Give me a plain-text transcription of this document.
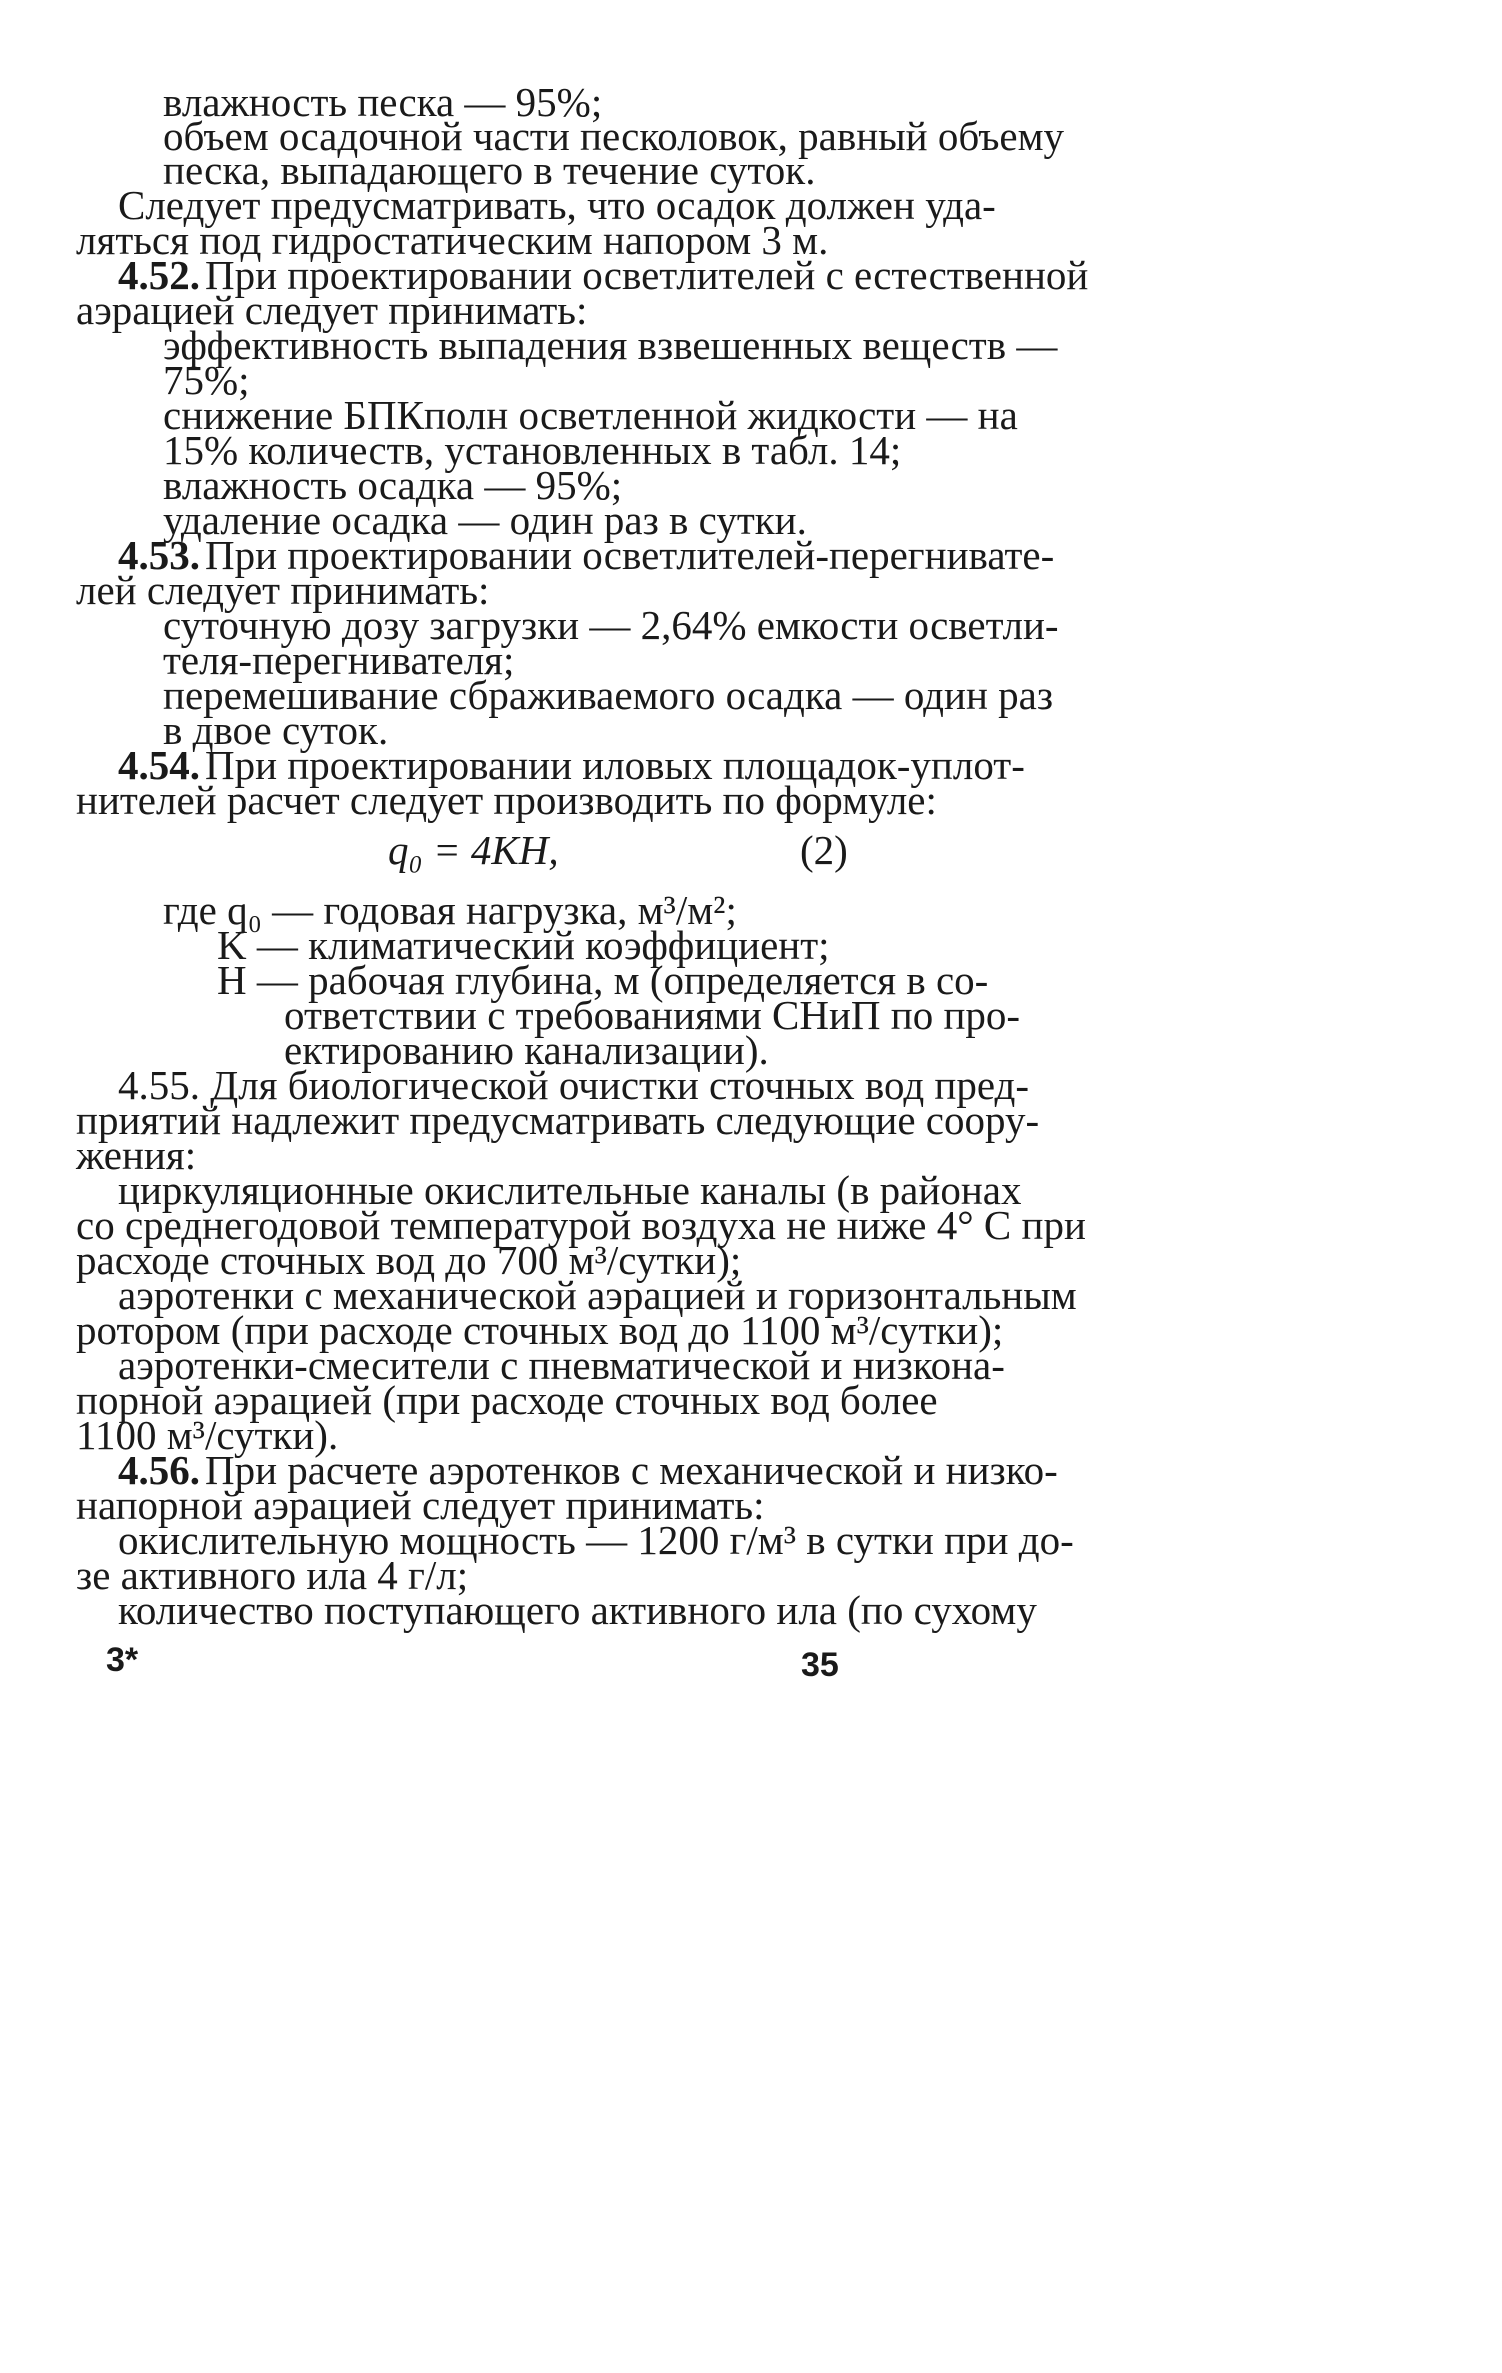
влажность песка — 95%;
объем осадочной части песколовок, равный объему
песка, выпадающего в течение суток.
Следует предусматривать, что осадок должен уда-
ляться под гидростатическим напором 3 м.
4.52. При проектировании осветлителей с естественной
аэрацией следует принимать:
эффективность выпадения взвешенных веществ —
75%;
снижение БПКполн осветленной жидкости — на
15% количеств, установленных в табл. 14;
влажность осадка — 95%;
удаление осадка — один раз в сутки.
4.53. При проектировании осветлителей-перегнивате-
лей следует принимать:
суточную дозу загрузки — 2,64% емкости осветли-
теля-перегнивателя;
перемешивание сбраживаемого осадка — один раз
в двое суток.
4.54. При проектировании иловых площадок-уплот-
нителей расчет следует производить по формуле:
q₀ = 4KH,	(2)
где q₀ — годовая нагрузка, м³/м²;
K — климатический коэффициент;
H — рабочая глубина, м (определяется в со-
ответствии с требованиями СНиП по про-
ектированию канализации).
4.55. Для биологической очистки сточных вод пред-
приятий надлежит предусматривать следующие соору-
жения:
циркуляционные окислительные каналы (в районах
со среднегодовой температурой воздуха не ниже 4° С при
расходе сточных вод до 700 м³/сутки);
аэротенки с механической аэрацией и горизонтальным
ротором (при расходе сточных вод до 1100 м³/сутки);
аэротенки-смесители с пневматической и низкона-
порной аэрацией (при расходе сточных вод более
1100 м³/сутки).
4.56. При расчете аэротенков с механической и низко-
напорной аэрацией следует принимать:
окислительную мощность — 1200 г/м³ в сутки при до-
зе активного ила 4 г/л;
количество поступающего активного ила (по сухому
3*	35
